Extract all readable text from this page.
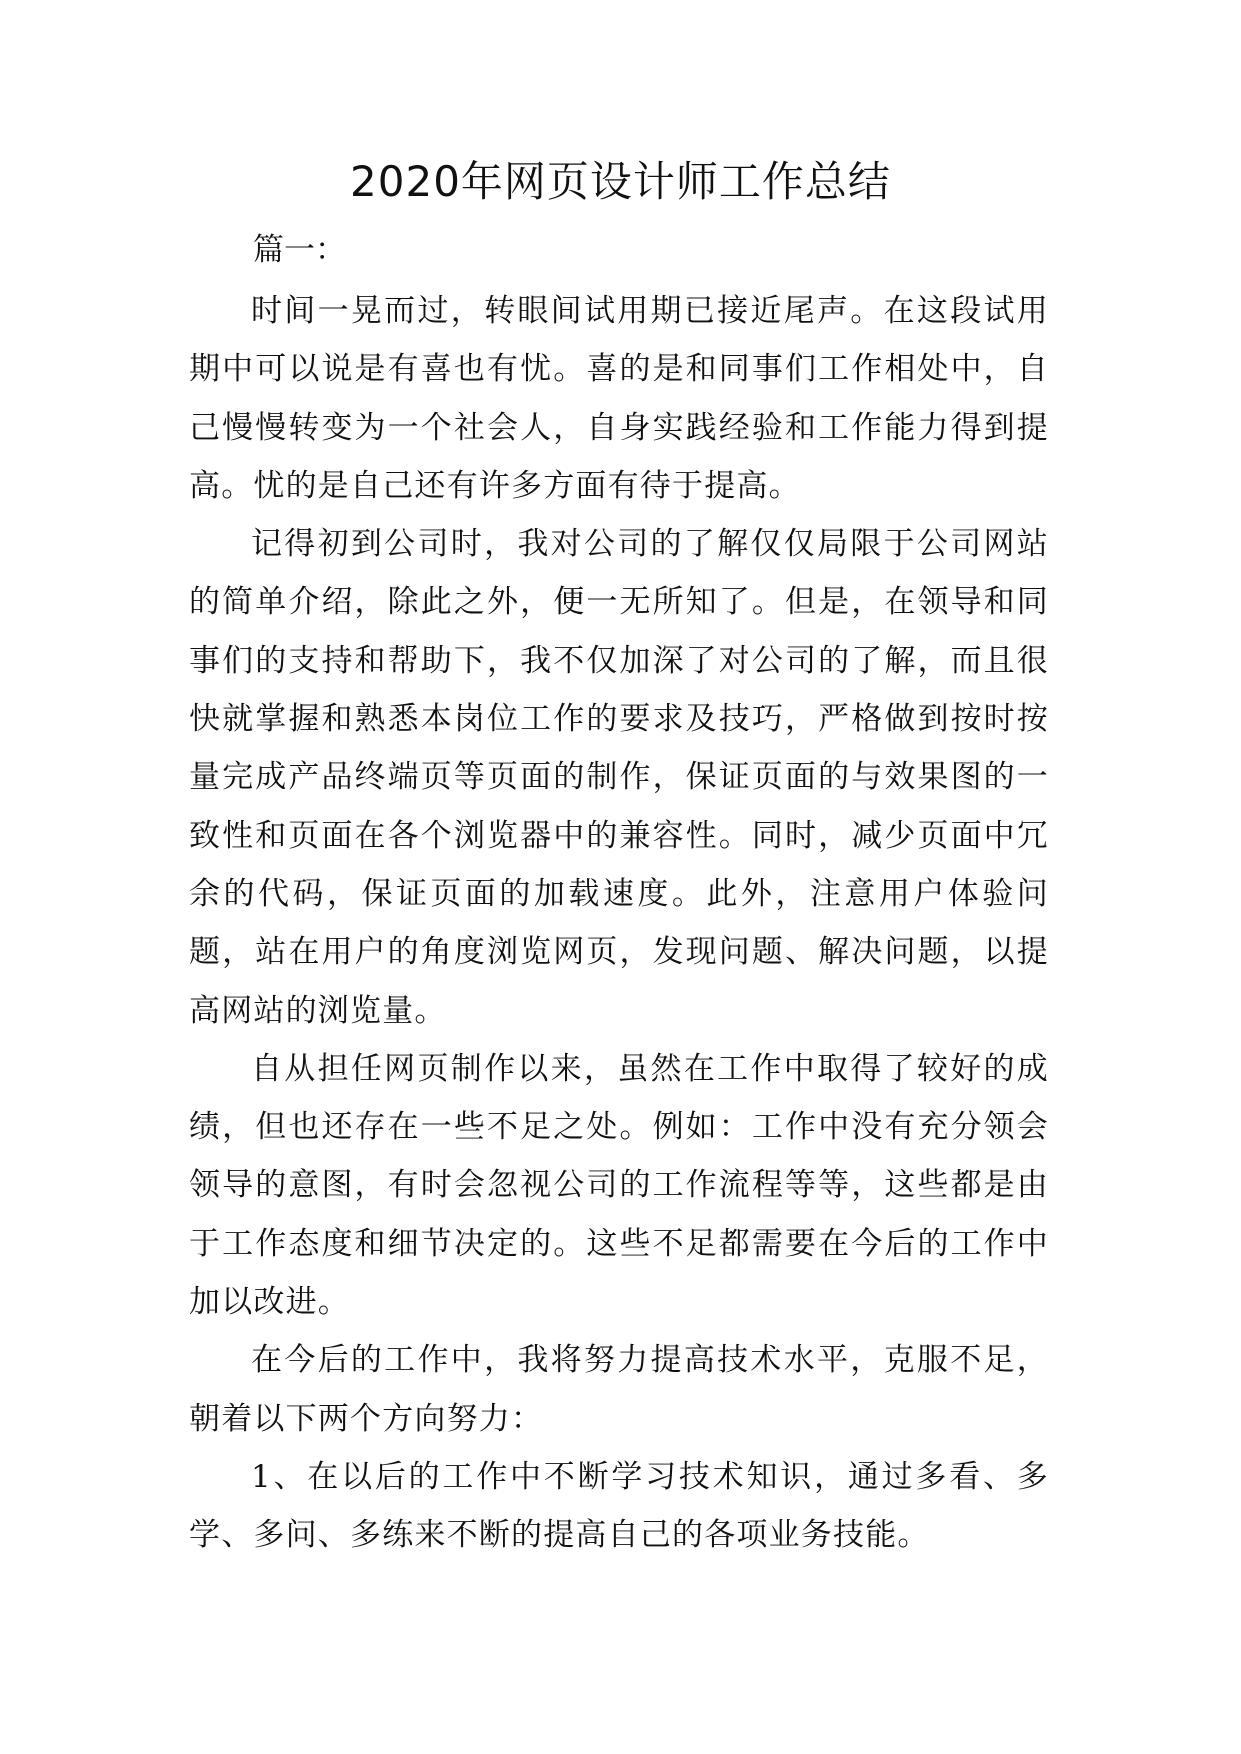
2020年网页设计师工作总结
篇一：

时间一晃而过，转眼间试用期已接近尾声。在这段试用期中可以说是有喜也有忧。喜的是和同事们工作相处中，自己慢慢转变为一个社会人，自身实践经验和工作能力得到提高。忧的是自己还有许多方面有待于提高。

记得初到公司时，我对公司的了解仅仅局限于公司网站的简单介绍，除此之外，便一无所知了。但是，在领导和同事们的支持和帮助下，我不仅加深了对公司的了解，而且很快就掌握和熟悉本岗位工作的要求及技巧，严格做到按时按量完成产品终端页等页面的制作，保证页面的与效果图的一致性和页面在各个浏览器中的兼容性。同时，减少页面中冗余的代码，保证页面的加载速度。此外，注意用户体验问题，站在用户的角度浏览网页，发现问题、解决问题，以提高网站的浏览量。

自从担任网页制作以来，虽然在工作中取得了较好的成绩，但也还存在一些不足之处。例如：工作中没有充分领会领导的意图，有时会忽视公司的工作流程等等，这些都是由于工作态度和细节决定的。这些不足都需要在今后的工作中加以改进。

在今后的工作中，我将努力提高技术水平，克服不足，朝着以下两个方向努力：

1、在以后的工作中不断学习技术知识，通过多看、多学、多问、多练来不断的提高自己的各项业务技能。
